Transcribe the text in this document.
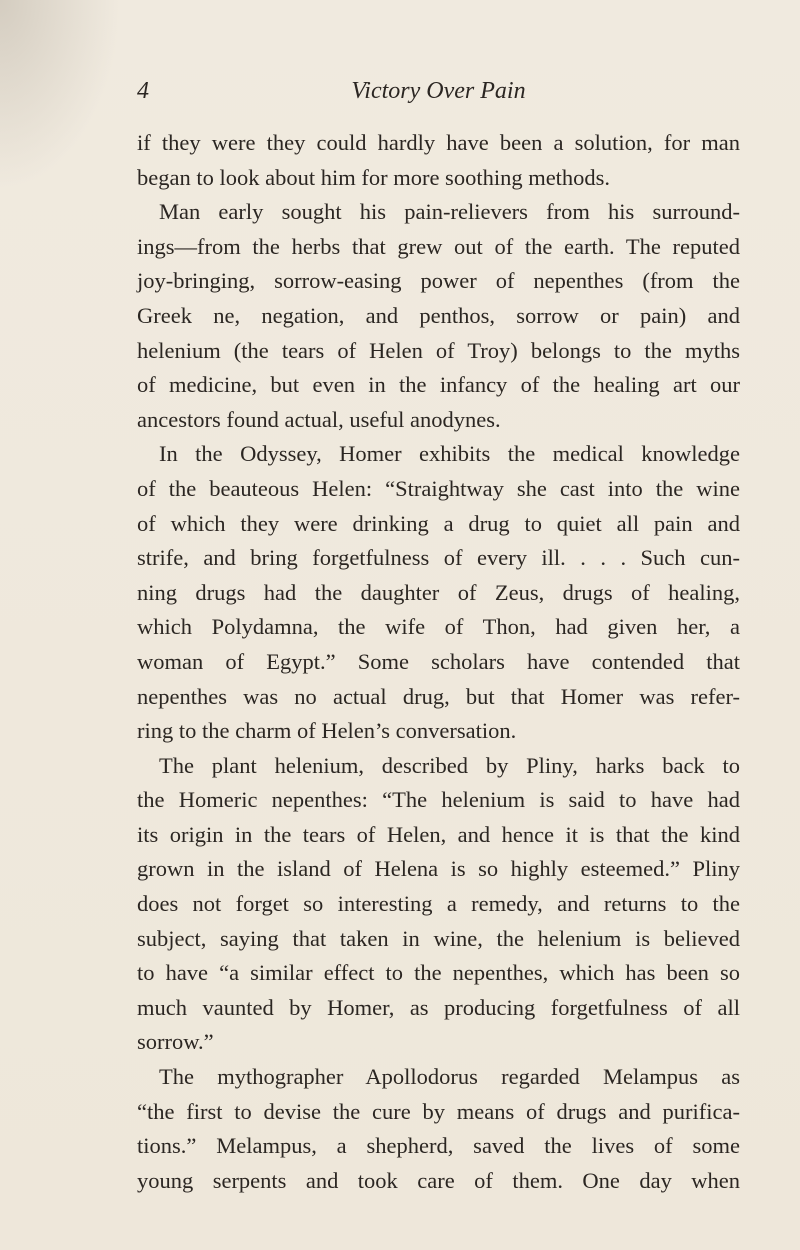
4	Victory Over Pain
if they were they could hardly have been a solution, for man
began to look about him for more soothing methods.
Man early sought his pain-relievers from his surround-
ings—from the herbs that grew out of the earth. The reputed
joy-bringing, sorrow-easing power of nepenthes (from the
Greek ne, negation, and penthos, sorrow or pain) and
helenium (the tears of Helen of Troy) belongs to the myths
of medicine, but even in the infancy of the healing art our
ancestors found actual, useful anodynes.
In the Odyssey, Homer exhibits the medical knowledge
of the beauteous Helen: “Straightway she cast into the wine
of which they were drinking a drug to quiet all pain and
strife, and bring forgetfulness of every ill. . . . Such cun-
ning drugs had the daughter of Zeus, drugs of healing,
which Polydamna, the wife of Thon, had given her, a
woman of Egypt.” Some scholars have contended that
nepenthes was no actual drug, but that Homer was refer-
ring to the charm of Helen’s conversation.
The plant helenium, described by Pliny, harks back to
the Homeric nepenthes: “The helenium is said to have had
its origin in the tears of Helen, and hence it is that the kind
grown in the island of Helena is so highly esteemed.” Pliny
does not forget so interesting a remedy, and returns to the
subject, saying that taken in wine, the helenium is believed
to have “a similar effect to the nepenthes, which has been so
much vaunted by Homer, as producing forgetfulness of all
sorrow.”
The mythographer Apollodorus regarded Melampus as
“the first to devise the cure by means of drugs and purifica-
tions.” Melampus, a shepherd, saved the lives of some
young serpents and took care of them. One day when
